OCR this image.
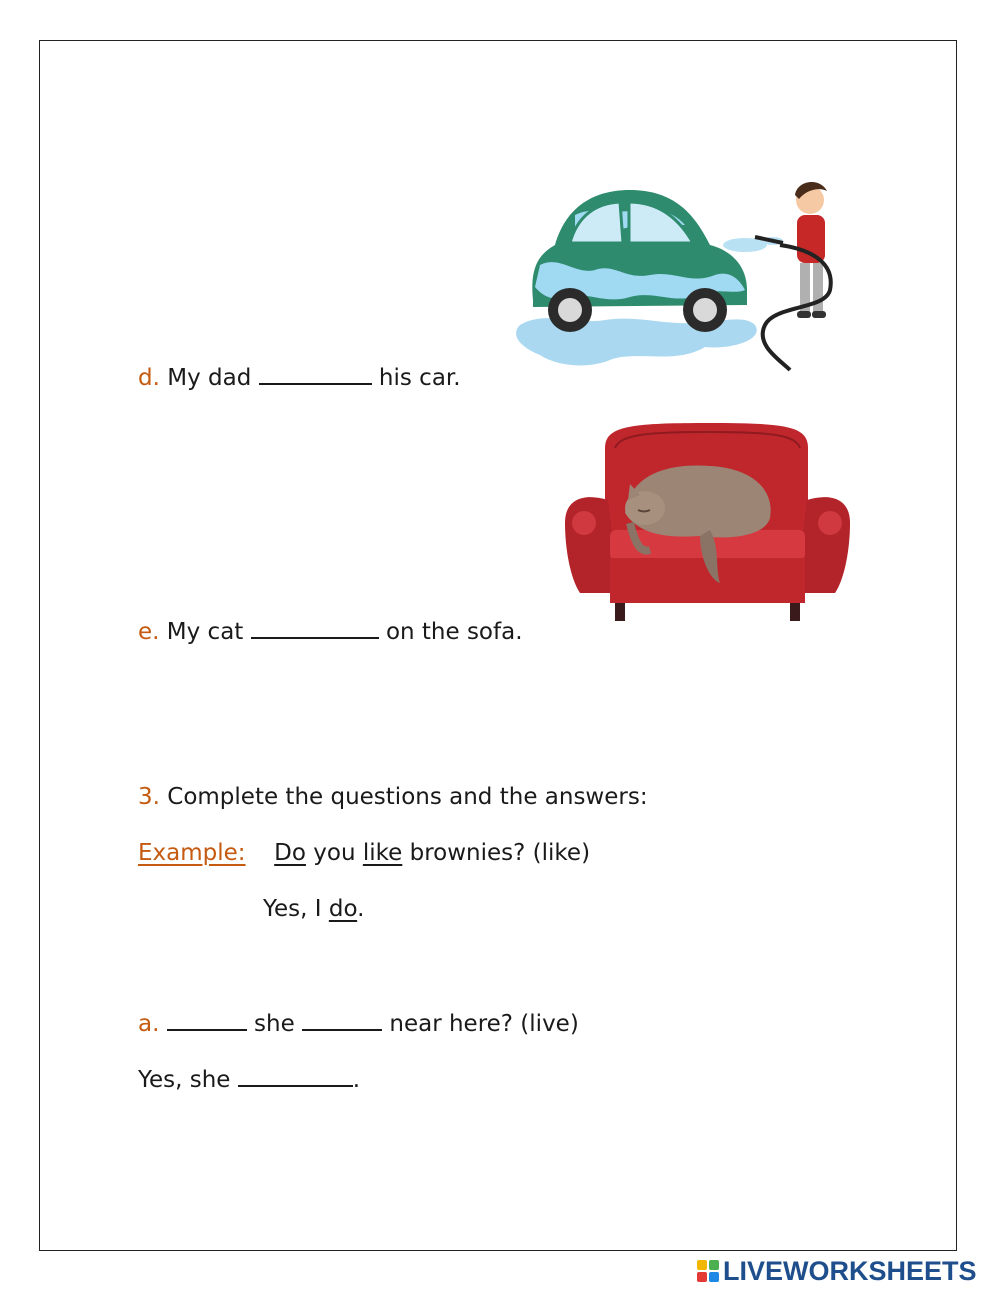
d. My dad	his car.
e. My cat	on the sofa.
3. Complete the questions and the answers:
Example: Do you like brownies? (like)
Yes, I do.
a.	she	near here? (live)
Yes, she	.
LIVEWORKSHEETS
